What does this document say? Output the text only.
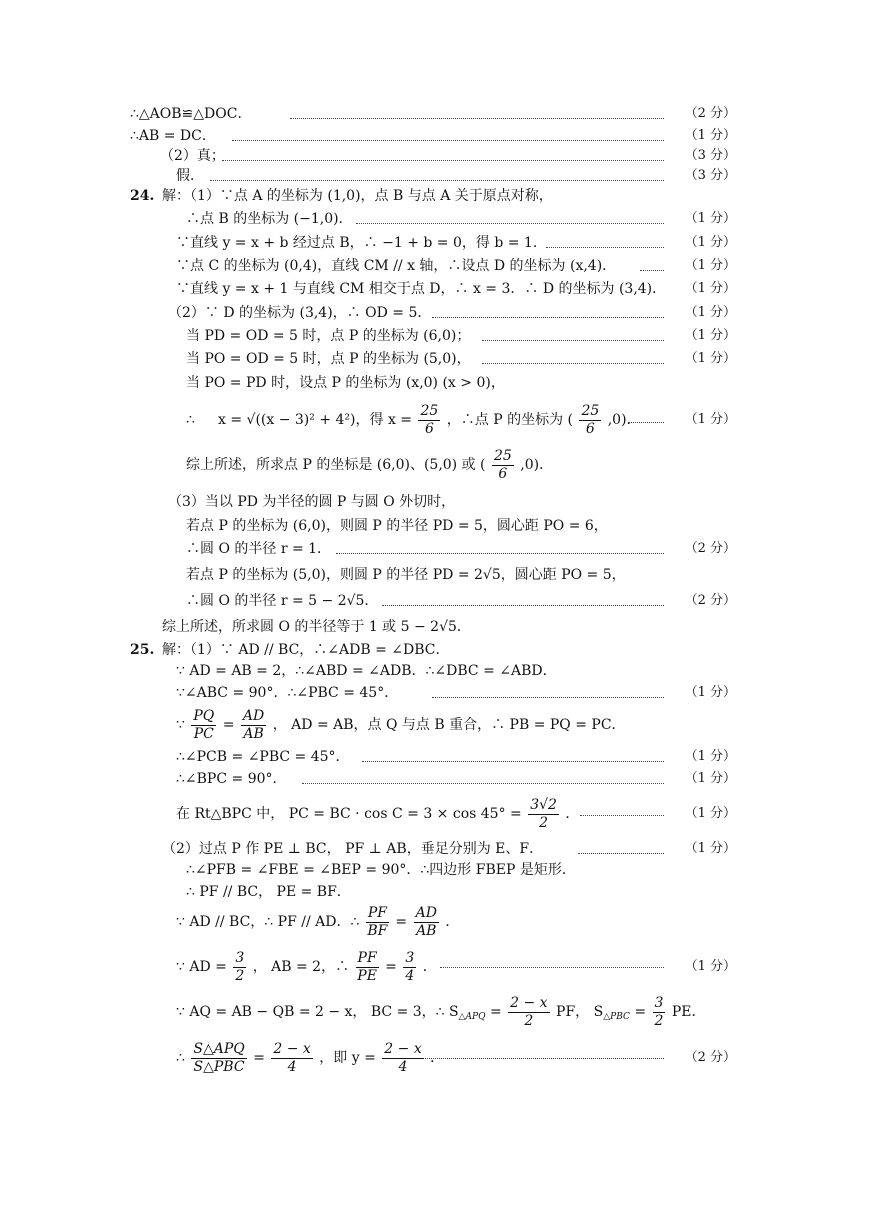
∴△AOB≌△DOC．	（2 分）
∴AB = DC．	（1 分）
（2）真；	（3 分）
假．	（3 分）
24. 解：（1）∵点 A 的坐标为 (1,0)，点 B 与点 A 关于原点对称，
∴点 B 的坐标为 (−1,0)．	（1 分）
∵直线 y = x + b 经过点 B，∴ −1 + b = 0，得 b = 1．	（1 分）
∵点 C 的坐标为 (0,4)，直线 CM // x 轴，∴设点 D 的坐标为 (x,4)．	（1 分）
∵直线 y = x + 1 与直线 CM 相交于点 D，∴ x = 3．∴ D 的坐标为 (3,4)． （1 分）
（2）∵ D 的坐标为 (3,4)，∴ OD = 5．	（1 分）
当 PD = OD = 5 时，点 P 的坐标为 (6,0)；	（1 分）
当 PO = OD = 5 时，点 P 的坐标为 (5,0)，	（1 分）
当 PO = PD 时，设点 P 的坐标为 (x,0) (x > 0)，
∴ x = √((x − 3)² + 4²)，得 $x = \frac{25}{6}$ ，∴点 P 的坐标为 ( $\frac{25}{6} ,0$)．	（1 分）
综上所述，所求点 P 的坐标是 (6,0)、(5,0) 或 ( $\frac{25}{6} ,0$)．
（3）当以 PD 为半径的圆 P 与圆 O 外切时，
若点 P 的坐标为 (6,0)，则圆 P 的半径 PD = 5，圆心距 PO = 6，
∴圆 O 的半径 r = 1．	（2 分）
若点 P 的坐标为 (5,0)，则圆 P 的半径 PD = 2√5，圆心距 PO = 5，
∴圆 O 的半径 r = 5 − 2√5．	（2 分）
综上所述，所求圆 O 的半径等于 1 或 5 − 2√5．
25. 解：（1）∵ AD // BC，∴∠ADB = ∠DBC．
∵ AD = AB = 2，∴∠ABD = ∠ADB．∴∠DBC = ∠ABD．
∵∠ABC = 90°．∴∠PBC = 45°．	（1 分）
∵ $\frac{PQ}{PC} = \frac{AD}{AB}$ ， AD = AB，点 Q 与点 B 重合，∴ PB = PQ = PC．
∴∠PCB = ∠PBC = 45°．	（1 分）
∴∠BPC = 90°．	（1 分）
在 Rt△BPC 中， PC = BC · $\cos C = 3 \times \cos 45^\circ = \frac{3√2}{2}$ ．	（1 分）
（2）过点 P 作 PE ⊥ BC， PF ⊥ AB，垂足分别为 E、F．	（1 分）
∴∠PFB = ∠FBE = ∠BEP = 90°．∴四边形 FBEP 是矩形．
∴ PF // BC， PE = BF．
∵ AD // BC，∴ PF // AD．∴ $\frac{PF}{BF} = \frac{AD}{AB}$ ．
∵ AD = $\frac{3}{2}$ ， AB = 2，∴ $\frac{PF}{PE} = \frac{3}{4}$ ．	（1 分）
∵ AQ = AB − QB = 2 − x， BC = 3，∴ $S_{\triangle APQ} = \frac{2 - x}{2}$ PF， $S_{\triangle PBC} = \frac{3}{2}$ PE．
∴ $\frac{\text{S△APQ}}{\text{S△PBC}} = \frac{2 - x}{4}$ ，即 $y = \frac{2 - x}{4}$ ．	（2 分）
